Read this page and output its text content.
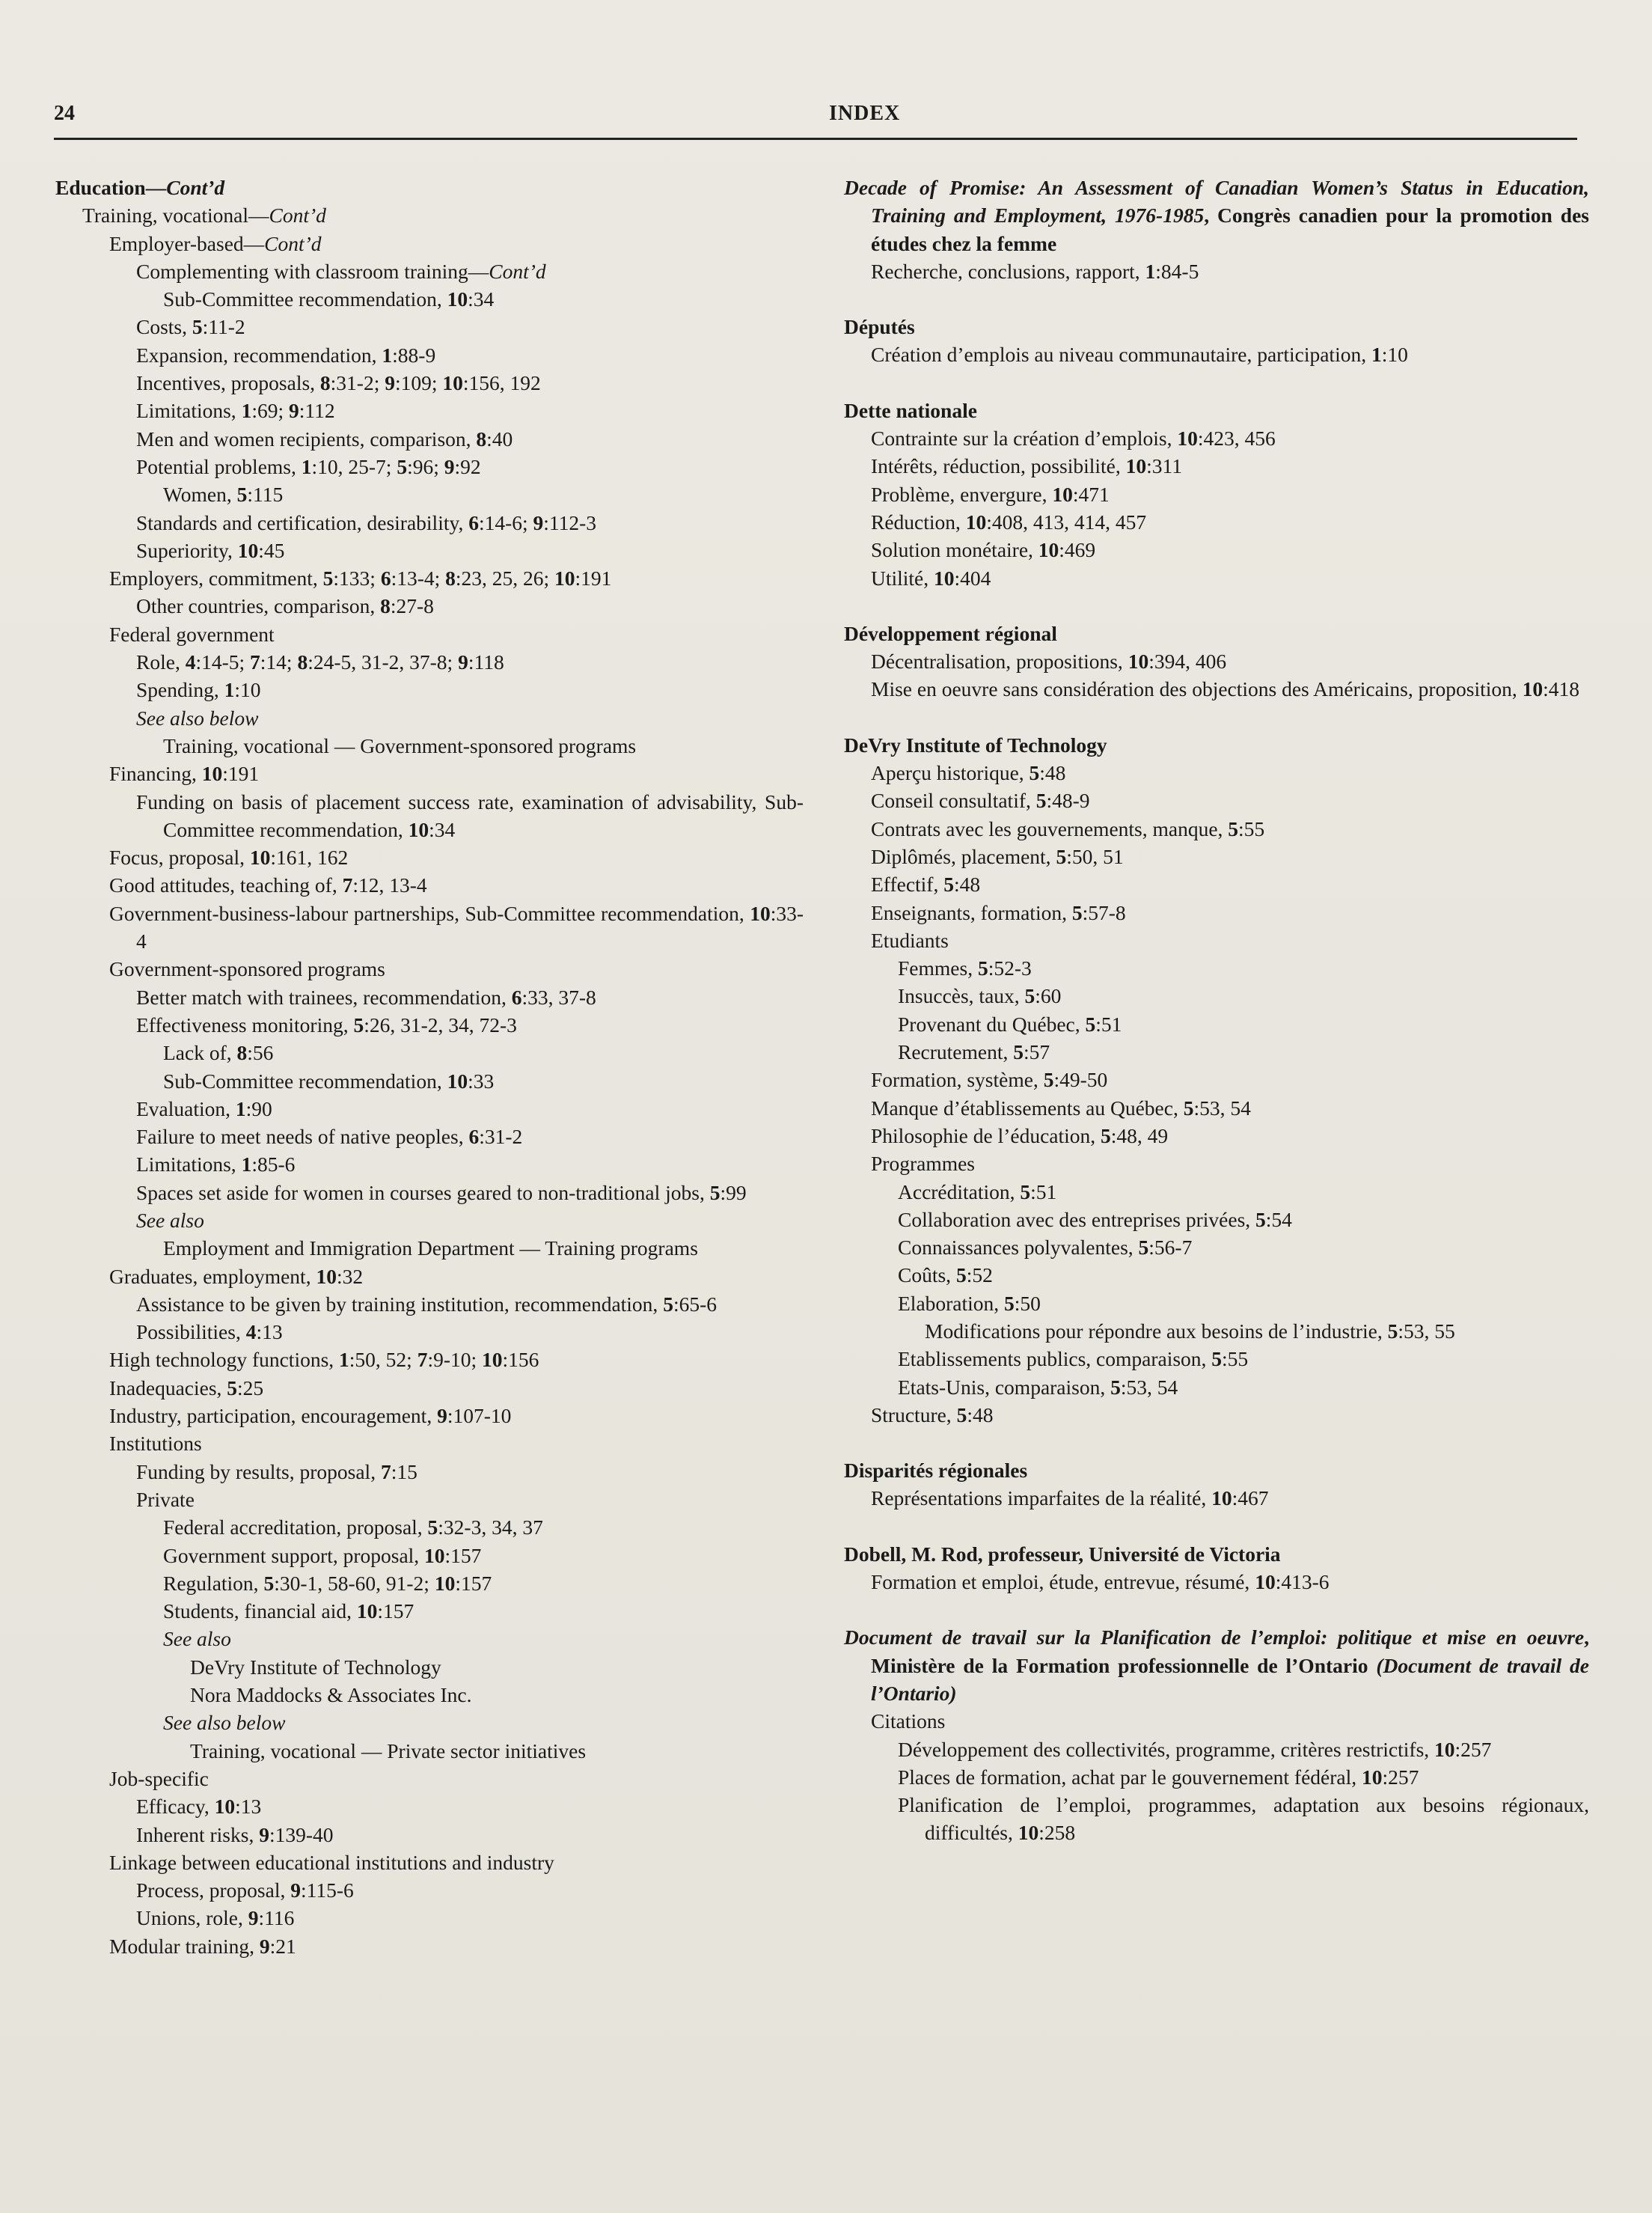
24	INDEX
Education—Cont’d
Training, vocational—Cont’d
Employer-based—Cont’d
Complementing with classroom training—Cont’d
Sub-Committee recommendation, 10:34
Costs, 5:11-2
Expansion, recommendation, 1:88-9
Incentives, proposals, 8:31-2; 9:109; 10:156, 192
Limitations, 1:69; 9:112
Men and women recipients, comparison, 8:40
Potential problems, 1:10, 25-7; 5:96; 9:92
Women, 5:115
Standards and certification, desirability, 6:14-6; 9:112-3
Superiority, 10:45
Employers, commitment, 5:133; 6:13-4; 8:23, 25, 26; 10:191
Other countries, comparison, 8:27-8
Federal government
Role, 4:14-5; 7:14; 8:24-5, 31-2, 37-8; 9:118
Spending, 1:10
See also below
Training, vocational — Government-sponsored programs
Financing, 10:191
Funding on basis of placement success rate, examination of advisability, Sub-Committee recommendation, 10:34
Focus, proposal, 10:161, 162
Good attitudes, teaching of, 7:12, 13-4
Government-business-labour partnerships, Sub-Committee recommendation, 10:33-4
Government-sponsored programs
Better match with trainees, recommendation, 6:33, 37-8
Effectiveness monitoring, 5:26, 31-2, 34, 72-3
Lack of, 8:56
Sub-Committee recommendation, 10:33
Evaluation, 1:90
Failure to meet needs of native peoples, 6:31-2
Limitations, 1:85-6
Spaces set aside for women in courses geared to non-traditional jobs, 5:99
See also
Employment and Immigration Department — Training programs
Graduates, employment, 10:32
Assistance to be given by training institution, recommendation, 5:65-6
Possibilities, 4:13
High technology functions, 1:50, 52; 7:9-10; 10:156
Inadequacies, 5:25
Industry, participation, encouragement, 9:107-10
Institutions
Funding by results, proposal, 7:15
Private
Federal accreditation, proposal, 5:32-3, 34, 37
Government support, proposal, 10:157
Regulation, 5:30-1, 58-60, 91-2; 10:157
Students, financial aid, 10:157
See also
DeVry Institute of Technology
Nora Maddocks & Associates Inc.
See also below
Training, vocational — Private sector initiatives
Job-specific
Efficacy, 10:13
Inherent risks, 9:139-40
Linkage between educational institutions and industry
Process, proposal, 9:115-6
Unions, role, 9:116
Modular training, 9:21
Decade of Promise: An Assessment of Canadian Women’s Status in Education, Training and Employment, 1976-1985, Congrès canadien pour la promotion des études chez la femme
Recherche, conclusions, rapport, 1:84-5
Députés
Création d’emplois au niveau communautaire, participation, 1:10
Dette nationale
Contrainte sur la création d’emplois, 10:423, 456
Intérêts, réduction, possibilité, 10:311
Problème, envergure, 10:471
Réduction, 10:408, 413, 414, 457
Solution monétaire, 10:469
Utilité, 10:404
Développement régional
Décentralisation, propositions, 10:394, 406
Mise en oeuvre sans considération des objections des Américains, proposition, 10:418
DeVry Institute of Technology
Aperçu historique, 5:48
Conseil consultatif, 5:48-9
Contrats avec les gouvernements, manque, 5:55
Diplômés, placement, 5:50, 51
Effectif, 5:48
Enseignants, formation, 5:57-8
Etudiants
Femmes, 5:52-3
Insuccès, taux, 5:60
Provenant du Québec, 5:51
Recrutement, 5:57
Formation, système, 5:49-50
Manque d’établissements au Québec, 5:53, 54
Philosophie de l’éducation, 5:48, 49
Programmes
Accréditation, 5:51
Collaboration avec des entreprises privées, 5:54
Connaissances polyvalentes, 5:56-7
Coûts, 5:52
Elaboration, 5:50
Modifications pour répondre aux besoins de l’industrie, 5:53, 55
Etablissements publics, comparaison, 5:55
Etats-Unis, comparaison, 5:53, 54
Structure, 5:48
Disparités régionales
Représentations imparfaites de la réalité, 10:467
Dobell, M. Rod, professeur, Université de Victoria
Formation et emploi, étude, entrevue, résumé, 10:413-6
Document de travail sur la Planification de l’emploi: politique et mise en oeuvre, Ministère de la Formation professionnelle de l’Ontario (Document de travail de l’Ontario)
Citations
Développement des collectivités, programme, critères restrictifs, 10:257
Places de formation, achat par le gouvernement fédéral, 10:257
Planification de l’emploi, programmes, adaptation aux besoins régionaux, difficultés, 10:258
